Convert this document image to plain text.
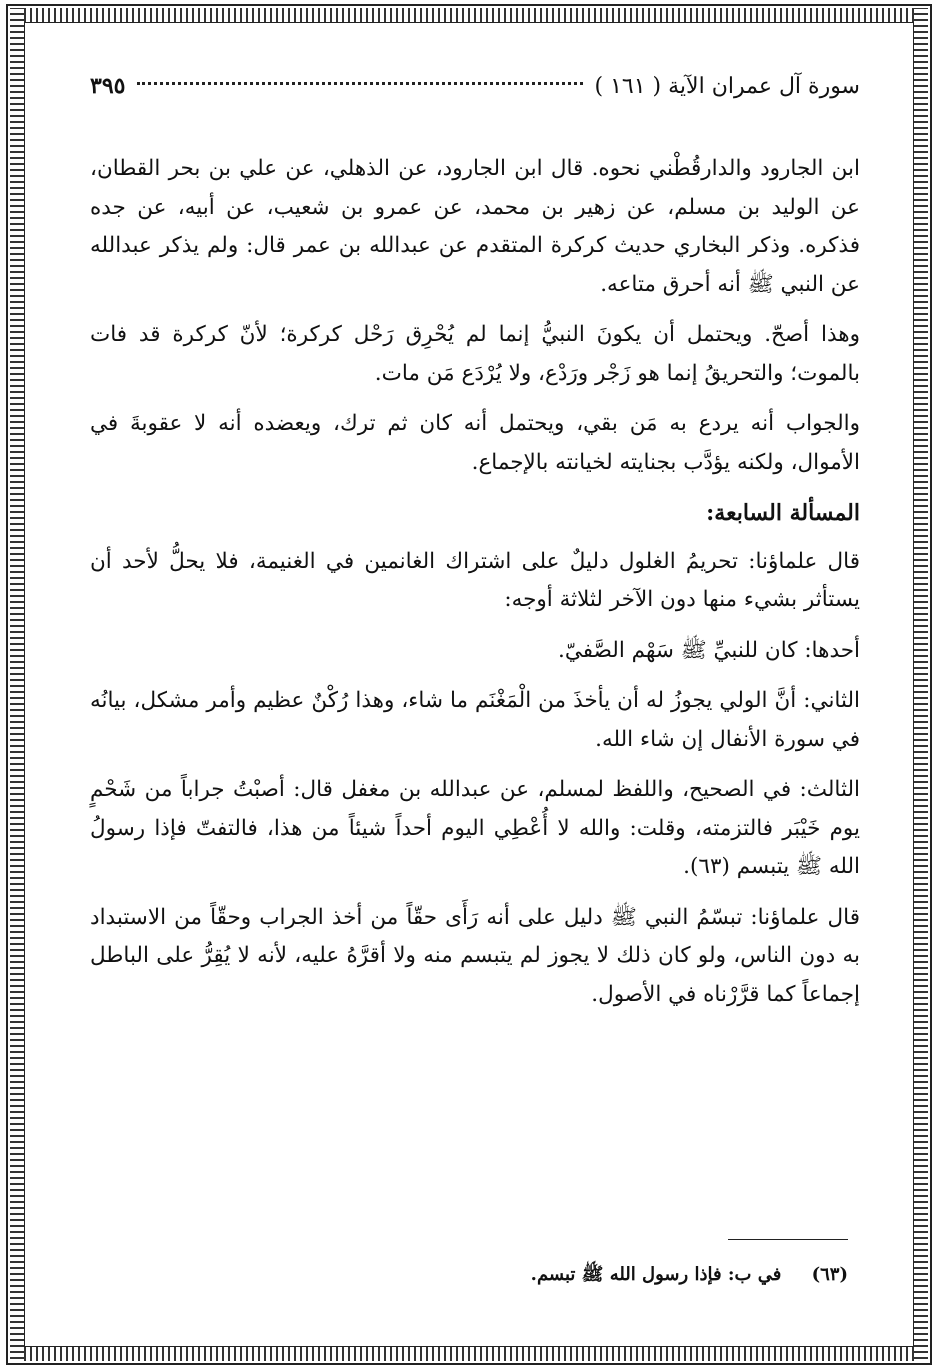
سورة آل عمران الآية ( ١٦١ )
٣٩٥

ابن الجارود والدارقُطْني نحوه. قال ابن الجارود، عن الذهلي، عن علي بن بحر القطان، عن الوليد بن مسلم، عن زهير بن محمد، عن عمرو بن شعيب، عن أبيه، عن جده فذكره. وذكر البخاري حديث كركرة المتقدم عن عبدالله بن عمر قال: ولم يذكر عبدالله عن النبي ﷺ أنه أحرق متاعه.

وهذا أصحّ. ويحتمل أن يكونَ النبيُّ إنما لم يُحْرِق رَحْل كركرة؛ لأنّ كركرة قد فات بالموت؛ والتحريقُ إنما هو زَجْر ورَدْع، ولا يُرْدَع مَن مات.

والجواب أنه يردع به مَن بقي، ويحتمل أنه كان ثم ترك، ويعضده أنه لا عقوبةَ في الأموال، ولكنه يؤدَّب بجنايته لخيانته بالإجماع.

المسألة السابعة:

قال علماؤنا: تحريمُ الغلول دليلٌ على اشتراك الغانمين في الغنيمة، فلا يحلُّ لأحد أن يستأثر بشيء منها دون الآخر لثلاثة أوجه:

أحدها: كان للنبيِّ ﷺ سَهْم الصَّفيّ.

الثاني: أنَّ الولي يجوزُ له أن يأخذَ من الْمَغْنَم ما شاء، وهذا رُكْنٌ عظيم وأمر مشكل، بيانُه في سورة الأنفال إن شاء الله.

الثالث: في الصحيح، واللفظ لمسلم، عن عبدالله بن مغفل قال: أصبْتُ جراباً من شَحْمٍ يوم خَيْبَر فالتزمته، وقلت: والله لا أُعْطِي اليوم أحداً شيئاً من هذا، فالتفتّ فإذا رسولُ الله ﷺ يتبسم (٦٣).

قال علماؤنا: تبسّمُ النبي ﷺ دليل على أنه رَأَى حقّاً من أخذ الجراب وحقّاً من الاستبداد به دون الناس، ولو كان ذلك لا يجوز لم يتبسم منه ولا أقرَّهُ عليه، لأنه لا يُقِرُّ على الباطل إجماعاً كما قرَّرْناه في الأصول.

(٦٣) في ب: فإذا رسول الله ﷺ تبسم.
